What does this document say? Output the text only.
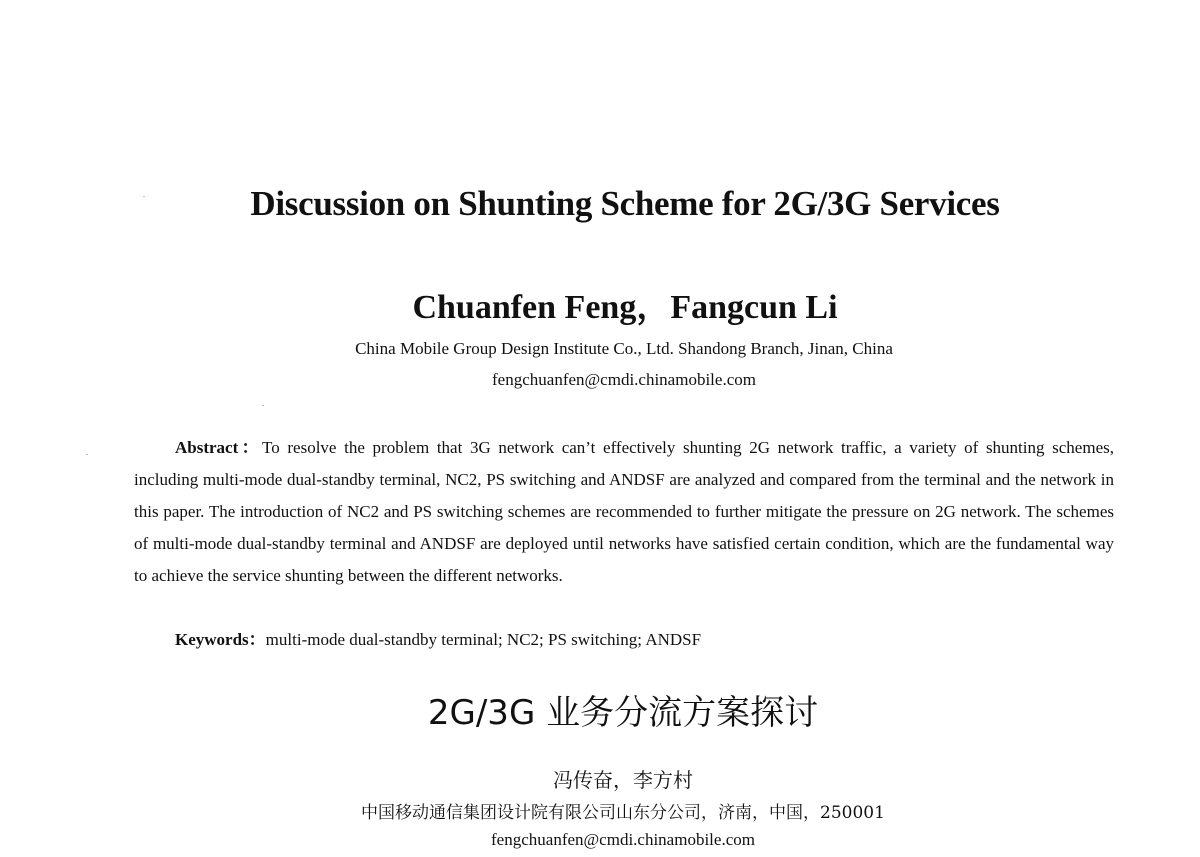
Discussion on Shunting Scheme for 2G/3G Services
Chuanfen Feng，Fangcun Li
China Mobile Group Design Institute Co., Ltd. Shandong Branch, Jinan, China
fengchuanfen@cmdi.chinamobile.com

Abstract：To resolve the problem that 3G network can’t effectively shunting 2G network traffic, a variety of shunting schemes, including multi-mode dual-standby terminal, NC2, PS switching and ANDSF are analyzed and compared from the terminal and the network in this paper. The introduction of NC2 and PS switching schemes are recommended to further mitigate the pressure on 2G network. The schemes of multi-mode dual-standby terminal and ANDSF are deployed until networks have satisfied certain condition, which are the fundamental way to achieve the service shunting between the different networks.

Keywords：multi-mode dual-standby terminal; NC2; PS switching; ANDSF

2G/3G 业务分流方案探讨
冯传奋，李方村
中国移动通信集团设计院有限公司山东分公司，济南，中国，250001
fengchuanfen@cmdi.chinamobile.com
